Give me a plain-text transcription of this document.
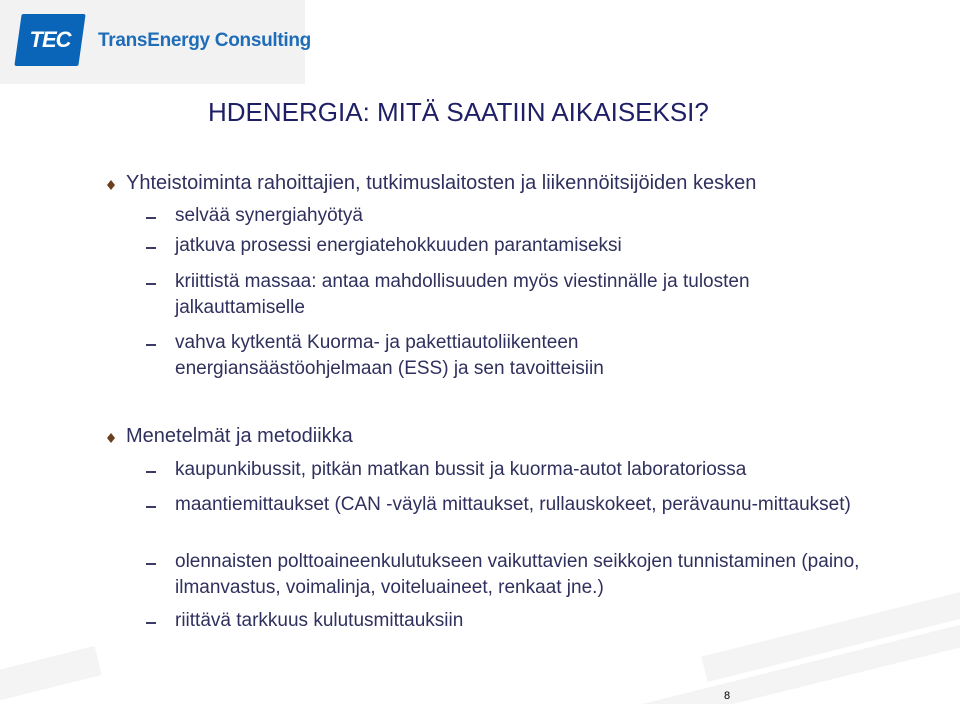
TEC	TransEnergy Consulting
HDENERGIA: MITÄ SAATIIN AIKAISEKSI?
Yhteistoiminta rahoittajien, tutkimuslaitosten ja liikennöitsijöiden kesken
selvää synergiahyötyä
jatkuva prosessi energiatehokkuuden parantamiseksi
kriittistä massaa: antaa mahdollisuuden myös viestinnälle ja tulosten jalkauttamiselle
vahva kytkentä Kuorma- ja pakettiautoliikenteen energiansäästöohjelmaan (ESS) ja sen tavoitteisiin
Menetelmät ja metodiikka
kaupunkibussit, pitkän matkan bussit ja kuorma-autot laboratoriossa
maantiemittaukset (CAN -väylä mittaukset, rullauskokeet, perävaunu-mittaukset)
olennaisten polttoaineenkulutukseen vaikuttavien seikkojen tunnistaminen (paino, ilmanvastus, voimalinja, voiteluaineet, renkaat jne.)
riittävä tarkkuus kulutusmittauksiin
8
